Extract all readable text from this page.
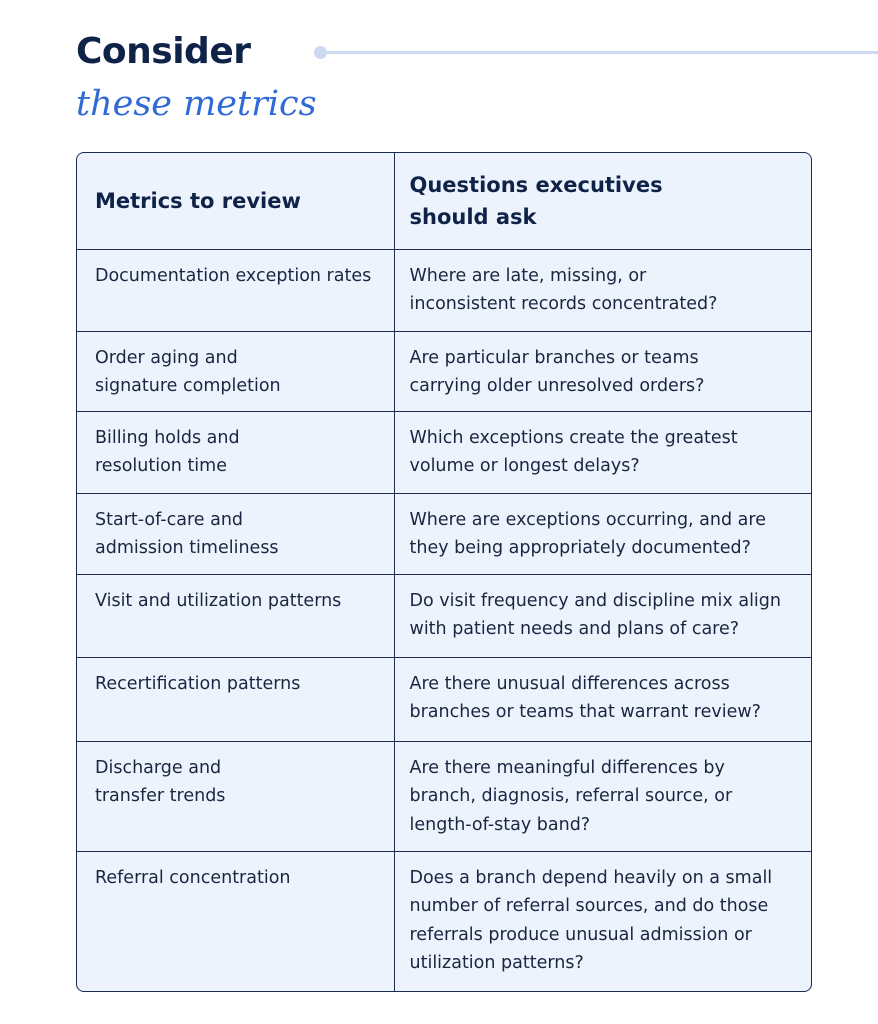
Consider
these metrics
Metrics to review	Questions executives
should ask
Documentation exception rates	Where are late, missing, or
inconsistent records concentrated?
Order aging and
signature completion	Are particular branches or teams
carrying older unresolved orders?
Billing holds and
resolution time	Which exceptions create the greatest
volume or longest delays?
Start-of-care and
admission timeliness	Where are exceptions occurring, and are
they being appropriately documented?
Visit and utilization patterns	Do visit frequency and discipline mix align
with patient needs and plans of care?
Recertification patterns	Are there unusual differences across
branches or teams that warrant review?
Discharge and
transfer trends	Are there meaningful differences by
branch, diagnosis, referral source, or
length-of-stay band?
Referral concentration	Does a branch depend heavily on a small
number of referral sources, and do those
referrals produce unusual admission or
utilization patterns?
